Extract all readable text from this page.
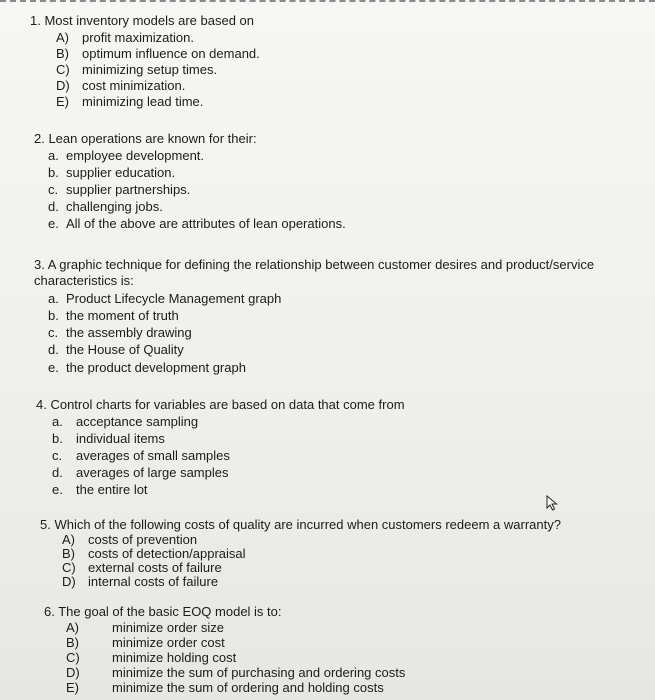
1. Most inventory models are based on
A) profit maximization.
B) optimum influence on demand.
C) minimizing setup times.
D) cost minimization.
E) minimizing lead time.
2. Lean operations are known for their:
a. employee development.
b. supplier education.
c. supplier partnerships.
d. challenging jobs.
e. All of the above are attributes of lean operations.
3. A graphic technique for defining the relationship between customer desires and product/service
characteristics is:
a. Product Lifecycle Management graph
b. the moment of truth
c. the assembly drawing
d. the House of Quality
e. the product development graph
4. Control charts for variables are based on data that come from
a. acceptance sampling
b. individual items
c. averages of small samples
d. averages of large samples
e. the entire lot
5. Which of the following costs of quality are incurred when customers redeem a warranty?
A) costs of prevention
B) costs of detection/appraisal
C) external costs of failure
D) internal costs of failure
6. The goal of the basic EOQ model is to:
A)	minimize order size
B)	minimize order cost
C) minimize holding cost
D) minimize the sum of purchasing and ordering costs
E)	minimize the sum of ordering and holding costs
